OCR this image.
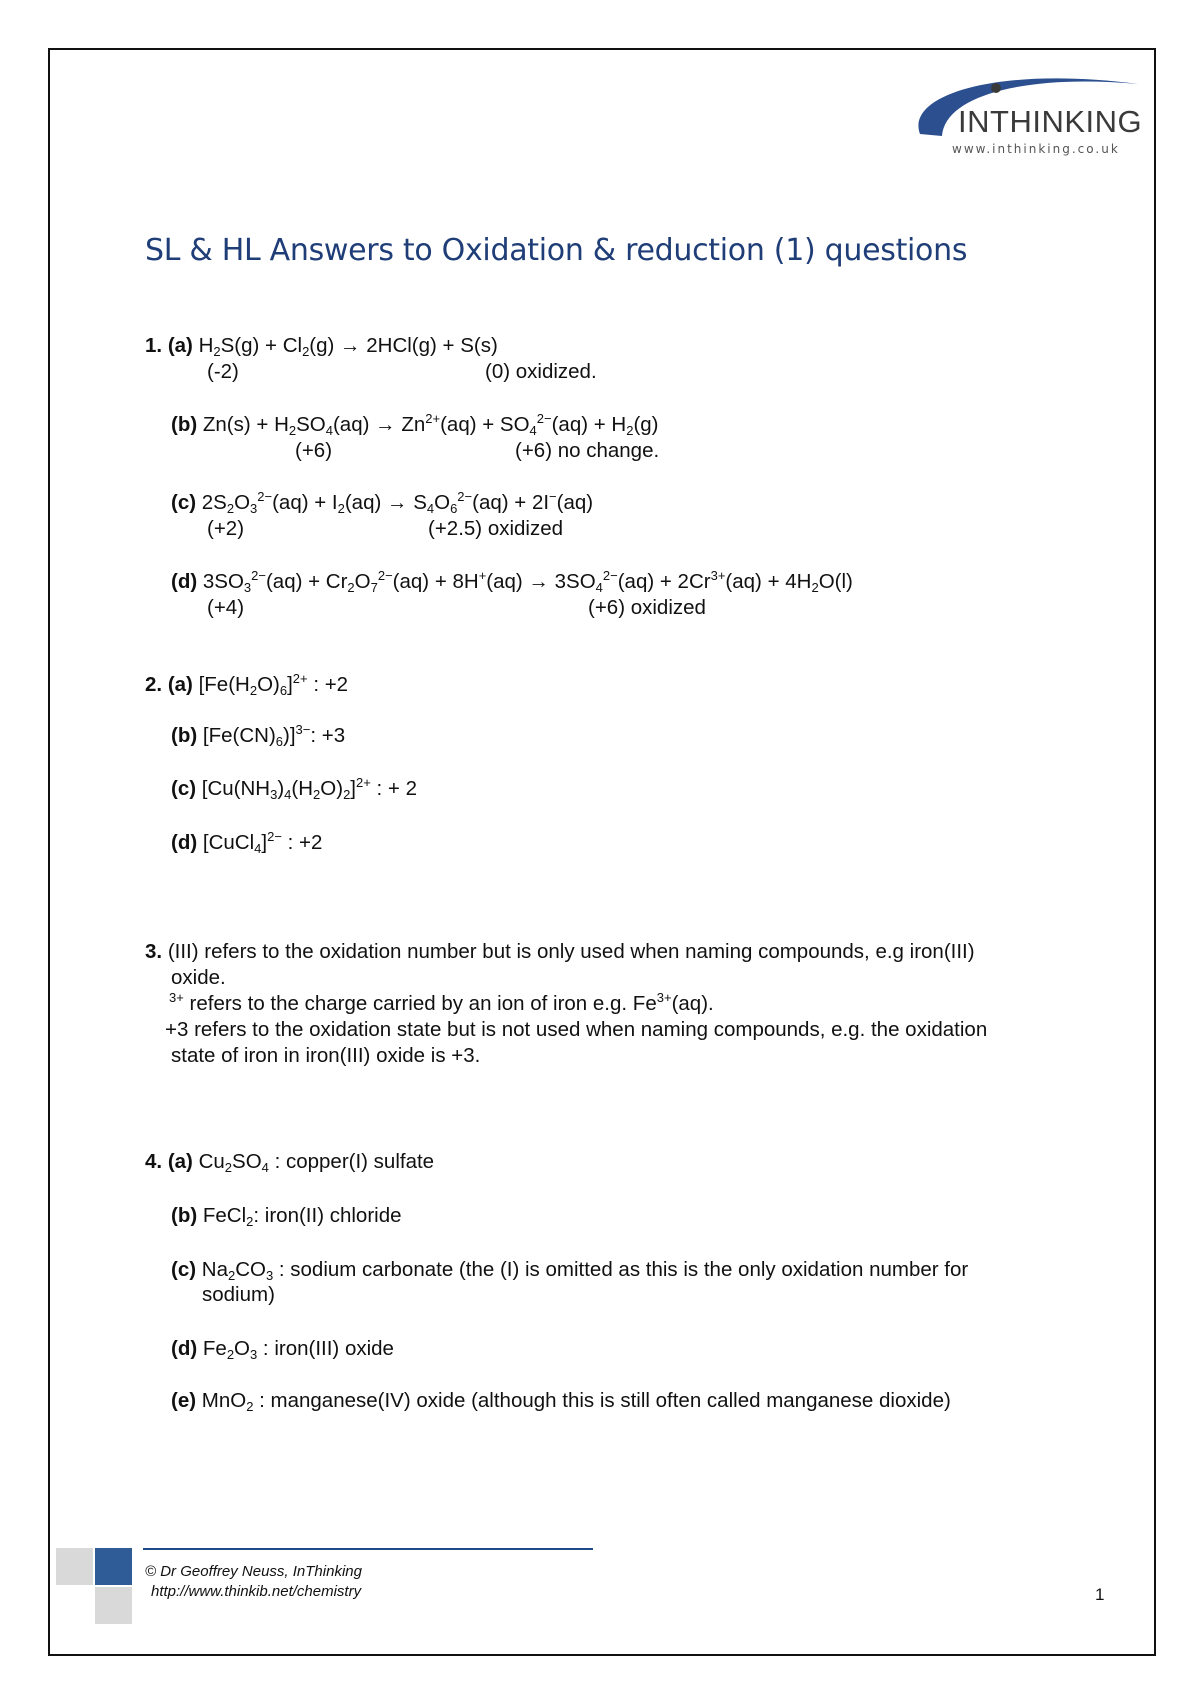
INTHINKING
www.inthinking.co.uk
SL & HL Answers to Oxidation & reduction (1) questions
1. (a) $H_2S(g) + Cl_2(g) \to 2HCl(g) + S(s)$
(-2)	(0) oxidized.
(b) $Zn(s) + H_2SO_4(aq) \to Zn^{2+}(aq) + SO_4^{2-}(aq) + H_2(g)$
(+6)	(+6) no change.
(c) $2S_2O_3^{2-}(aq) + I_2(aq) \to S_4O_6^{2-}(aq) + 2I^-(aq)$
(+2)	(+2.5) oxidized
(d) $3SO_3^{2-}(aq) + Cr_2O_7^{2-}(aq) + 8H^+(aq) \to 3SO_4^{2-}(aq) + 2Cr^{3+}(aq) + 4H_2O(l)$
(+4)	(+6) oxidized
2. (a) $[Fe(H_2O)_6]^{2+}$ : +2
(b) $[Fe(CN)_6)]^{3-}$: +3
(c) $[Cu(NH_3)_4(H_2O)_2]^{2+}$ : + 2
(d) [CuCl$_4$]$^{2-}$ : +2
3. (III) refers to the oxidation number but is only used when naming compounds, e.g iron(III)
oxide.
$^{3+}$ refers to the charge carried by an ion of iron e.g. $Fe^{3+}(aq)$.
+3 refers to the oxidation state but is not used when naming compounds, e.g. the oxidation
state of iron in iron(III) oxide is +3.
4. (a) $Cu_2SO_4$ : copper(I) sulfate
(b) FeCl$_2$: iron(II) chloride
(c) $Na_2CO_3$ : sodium carbonate (the (I) is omitted as this is the only oxidation number for
sodium)
(d) $Fe_2O_3$ : iron(III) oxide
(e) MnO$_2$ : manganese(IV) oxide (although this is still often called manganese dioxide)
© Dr Geoffrey Neuss, InThinking
http://www.thinkib.net/chemistry	1
